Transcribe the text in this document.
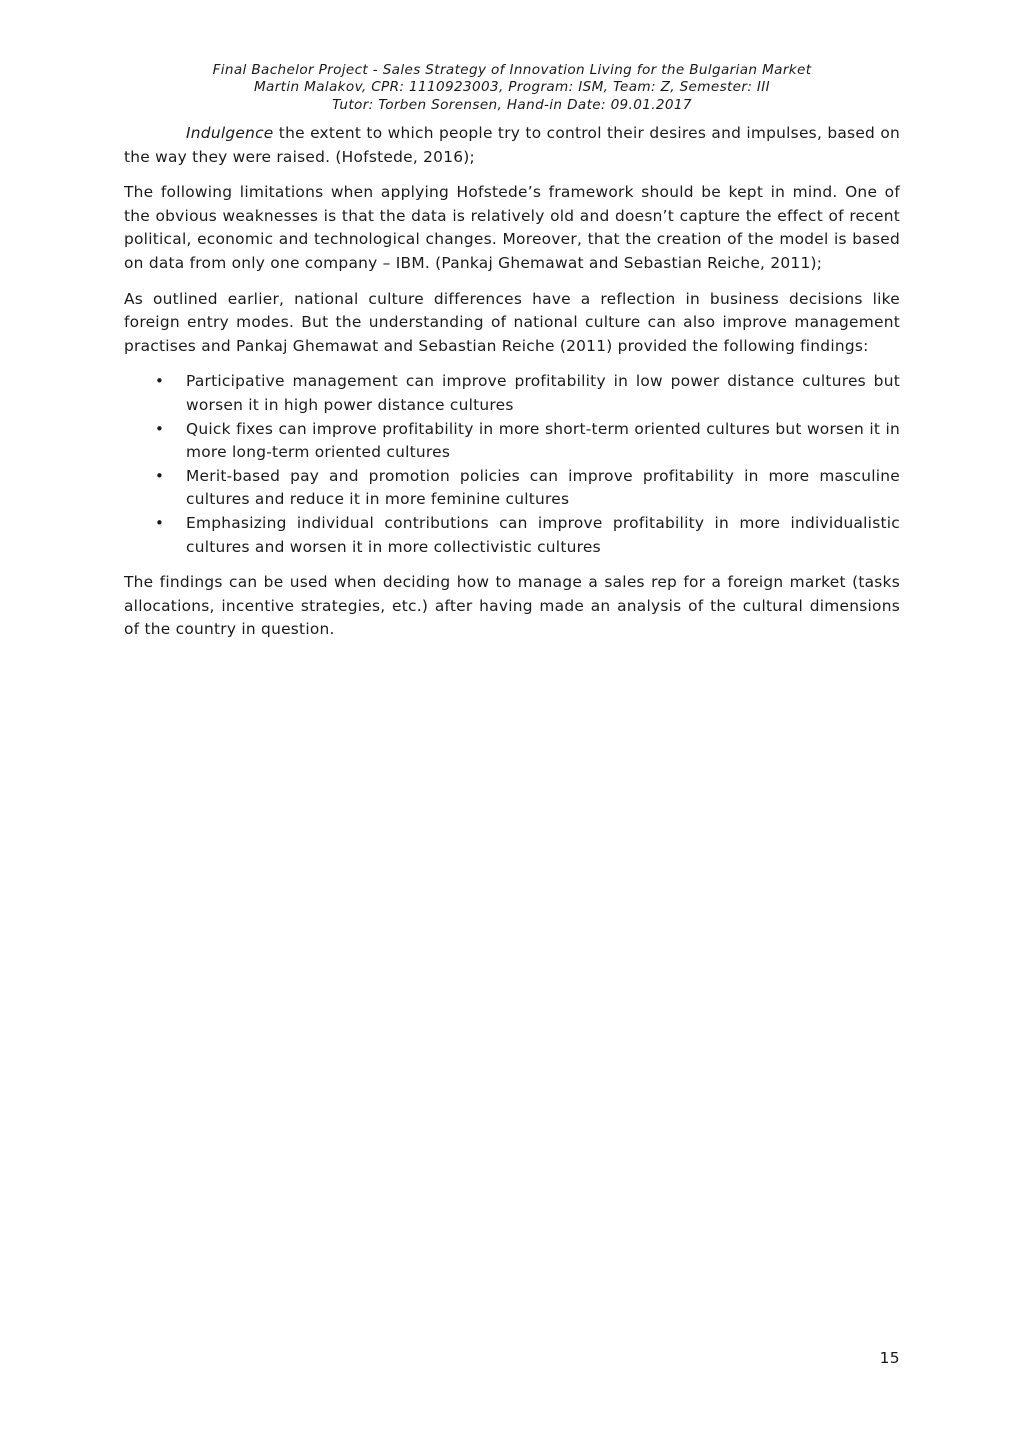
Final Bachelor Project - Sales Strategy of Innovation Living for the Bulgarian Market
Martin Malakov, CPR: 1110923003, Program: ISM, Team: Z, Semester: III
Tutor: Torben Sorensen, Hand-in Date: 09.01.2017

Indulgence the extent to which people try to control their desires and impulses, based on the way they were raised. (Hofstede, 2016);

The following limitations when applying Hofstede’s framework should be kept in mind. One of the obvious weaknesses is that the data is relatively old and doesn’t capture the effect of recent political, economic and technological changes. Moreover, that the creation of the model is based on data from only one company – IBM. (Pankaj Ghemawat and Sebastian Reiche, 2011);

As outlined earlier, national culture differences have a reflection in business decisions like foreign entry modes. But the understanding of national culture can also improve management practises and Pankaj Ghemawat and Sebastian Reiche (2011) provided the following findings:

• Participative management can improve profitability in low power distance cultures but worsen it in high power distance cultures
• Quick fixes can improve profitability in more short-term oriented cultures but worsen it in more long-term oriented cultures
• Merit-based pay and promotion policies can improve profitability in more masculine cultures and reduce it in more feminine cultures
• Emphasizing individual contributions can improve profitability in more individualistic cultures and worsen it in more collectivistic cultures

The findings can be used when deciding how to manage a sales rep for a foreign market (tasks allocations, incentive strategies, etc.) after having made an analysis of the cultural dimensions of the country in question.

15
